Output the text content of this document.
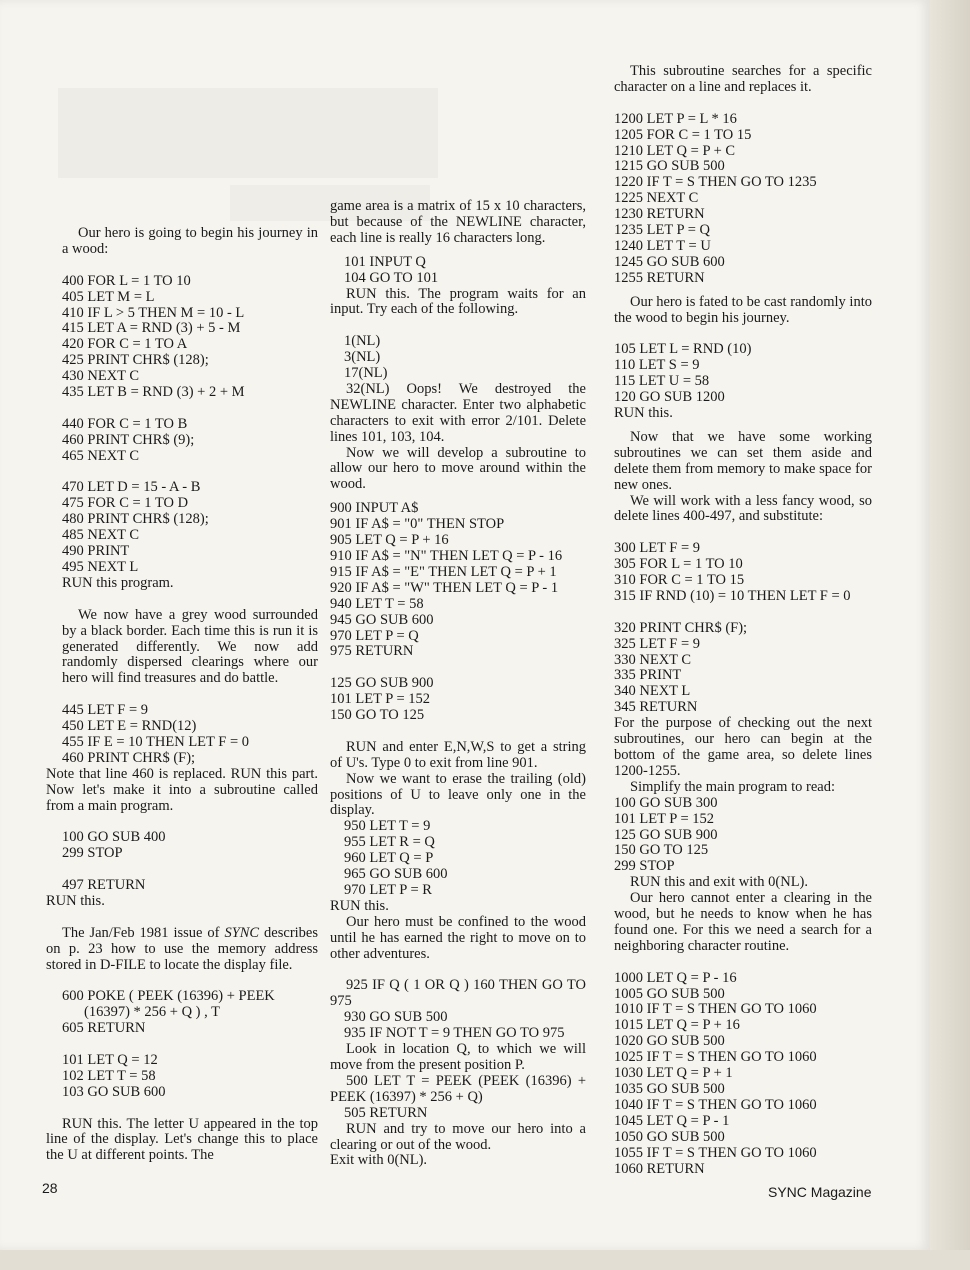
Our hero is going to begin his journey in a wood:
400 FOR L = 1 TO 10
405 LET M = L
410 IF L > 5 THEN M = 10 - L
415 LET A = RND (3) + 5 - M
420 FOR C = 1 TO A
425 PRINT CHR$ (128);
430 NEXT C
435 LET B = RND (3) + 2 + M
440 FOR C = 1 TO B
460 PRINT CHR$ (9);
465 NEXT C
470 LET D = 15 - A - B
475 FOR C = 1 TO D
480 PRINT CHR$ (128);
485 NEXT C
490 PRINT
495 NEXT L
RUN this program.
We now have a grey wood surrounded by a black border. Each time this is run it is generated differently. We now add randomly dispersed clearings where our hero will find treasures and do battle.
445 LET F = 9
450 LET E = RND(12)
455 IF E = 10 THEN LET F = 0
460 PRINT CHR$ (F);
Note that line 460 is replaced. RUN this part. Now let's make it into a subroutine called from a main program.
100 GO SUB 400
299 STOP
497 RETURN
RUN this.
The Jan/Feb 1981 issue of SYNC describes on p. 23 how to use the memory address stored in D-FILE to locate the display file.
600 POKE ( PEEK (16396) + PEEK
(16397) * 256 + Q ) , T
605 RETURN
101 LET Q = 12
102 LET T = 58
103 GO SUB 600
RUN this. The letter U appeared in the top line of the display. Let's change this to place the U at different points. The
game area is a matrix of 15 x 10 characters, but because of the NEWLINE character, each line is really 16 characters long.
101 INPUT Q
104 GO TO 101
RUN this. The program waits for an input. Try each of the following.
1(NL)
3(NL)
17(NL)
32(NL) Oops! We destroyed the NEWLINE character. Enter two alphabetic characters to exit with error 2/101. Delete lines 101, 103, 104.
Now we will develop a subroutine to allow our hero to move around within the wood.
900 INPUT A$
901 IF A$ = "0" THEN STOP
905 LET Q = P + 16
910 IF A$ = "N" THEN LET Q = P - 16
915 IF A$ = "E" THEN LET Q = P + 1
920 IF A$ = "W" THEN LET Q = P - 1
940 LET T = 58
945 GO SUB 600
970 LET P = Q
975 RETURN
125 GO SUB 900
101 LET P = 152
150 GO TO 125
RUN and enter E,N,W,S to get a string of U's. Type 0 to exit from line 901.
Now we want to erase the trailing (old) positions of U to leave only one in the display.
950 LET T = 9
955 LET R = Q
960 LET Q = P
965 GO SUB 600
970 LET P = R
RUN this.
Our hero must be confined to the wood until he has earned the right to move on to other adventures.
925 IF Q ( 1 OR Q ) 160 THEN GO TO 975
930 GO SUB 500
935 IF NOT T = 9 THEN GO TO 975
Look in location Q, to which we will move from the present position P.
500 LET T = PEEK (PEEK (16396) + PEEK (16397) * 256 + Q)
505 RETURN
RUN and try to move our hero into a clearing or out of the wood.
Exit with 0(NL).
This subroutine searches for a specific character on a line and replaces it.
1200 LET P = L * 16
1205 FOR C = 1 TO 15
1210 LET Q = P + C
1215 GO SUB 500
1220 IF T = S THEN GO TO 1235
1225 NEXT C
1230 RETURN
1235 LET P = Q
1240 LET T = U
1245 GO SUB 600
1255 RETURN
Our hero is fated to be cast randomly into the wood to begin his journey.
105 LET L = RND (10)
110 LET S = 9
115 LET U = 58
120 GO SUB 1200
RUN this.
Now that we have some working subroutines we can set them aside and delete them from memory to make space for new ones.
We will work with a less fancy wood, so delete lines 400-497, and substitute:
300 LET F = 9
305 FOR L = 1 TO 10
310 FOR C = 1 TO 15
315 IF RND (10) = 10 THEN LET F = 0
320 PRINT CHR$ (F);
325 LET F = 9
330 NEXT C
335 PRINT
340 NEXT L
345 RETURN
For the purpose of checking out the next subroutines, our hero can begin at the bottom of the game area, so delete lines 1200-1255.
Simplify the main program to read:
100 GO SUB 300
101 LET P = 152
125 GO SUB 900
150 GO TO 125
299 STOP
RUN this and exit with 0(NL).
Our hero cannot enter a clearing in the wood, but he needs to know when he has found one. For this we need a search for a neighboring character routine.
1000 LET Q = P - 16
1005 GO SUB 500
1010 IF T = S THEN GO TO 1060
1015 LET Q = P + 16
1020 GO SUB 500
1025 IF T = S THEN GO TO 1060
1030 LET Q = P + 1
1035 GO SUB 500
1040 IF T = S THEN GO TO 1060
1045 LET Q = P - 1
1050 GO SUB 500
1055 IF T = S THEN GO TO 1060
1060 RETURN
28	SYNC Magazine
